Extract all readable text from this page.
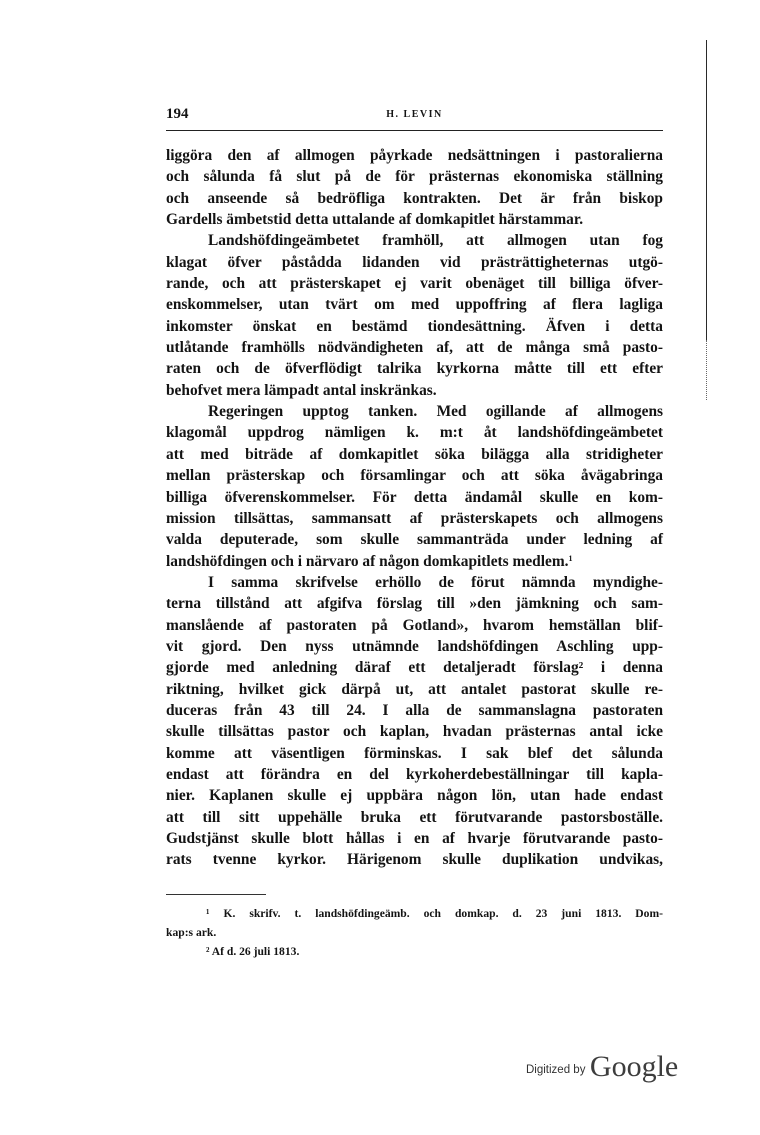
194	H. LEVIN
liggöra den af allmogen påyrkade nedsättningen i pastoralierna
och sålunda få slut på de för prästernas ekonomiska ställning
och anseende så bedröfliga kontrakten. Det är från biskop
Gardells ämbetstid detta uttalande af domkapitlet härstammar.
Landshöfdingeämbetet framhöll, att allmogen utan fog
klagat öfver påstådda lidanden vid prästrättigheternas utgö-
rande, och att prästerskapet ej varit obenäget till billiga öfver-
enskommelser, utan tvärt om med uppoffring af flera lagliga
inkomster önskat en bestämd tiondesättning. Äfven i detta
utlåtande framhölls nödvändigheten af, att de många små pasto-
raten och de öfverflödigt talrika kyrkorna måtte till ett efter
behofvet mera lämpadt antal inskränkas.
Regeringen upptog tanken. Med ogillande af allmogens
klagomål uppdrog nämligen k. m:t åt landshöfdingeämbetet
att med biträde af domkapitlet söka bilägga alla stridigheter
mellan prästerskap och församlingar och att söka åvägabringa
billiga öfverenskommelser. För detta ändamål skulle en kom-
mission tillsättas, sammansatt af prästerskapets och allmogens
valda deputerade, som skulle sammanträda under ledning af
landshöfdingen och i närvaro af någon domkapitlets medlem.$^1$
I samma skrifvelse erhöllo de förut nämnda myndighe-
terna tillstånd att afgifva förslag till »den jämkning och sam-
manslående af pastoraten på Gotland», hvarom hemställan blif-
vit gjord. Den nyss utnämnde landshöfdingen Aschling upp-
gjorde med anledning däraf ett detaljeradt förslag² i denna
riktning, hvilket gick därpå ut, att antalet pastorat skulle re-
duceras från 43 till 24. I alla de sammanslagna pastoraten
skulle tillsättas pastor och kaplan, hvadan prästernas antal icke
komme att väsentligen förminskas. I sak blef det sålunda
endast att förändra en del kyrkoherdebeställningar till kapla-
nier. Kaplanen skulle ej uppbära någon lön, utan hade endast
att till sitt uppehälle bruka ett förutvarande pastorsboställe.
Gudstjänst skulle blott hållas i en af hvarje förutvarande pasto-
rats tvenne kyrkor. Härigenom skulle duplikation undvikas,
¹ K. skrifv. t. landshöfdingeämb. och domkap. d. 23 juni 1813. Dom-
kap:s ark.
² Af d. 26 juli 1813.
Digitized by Google
